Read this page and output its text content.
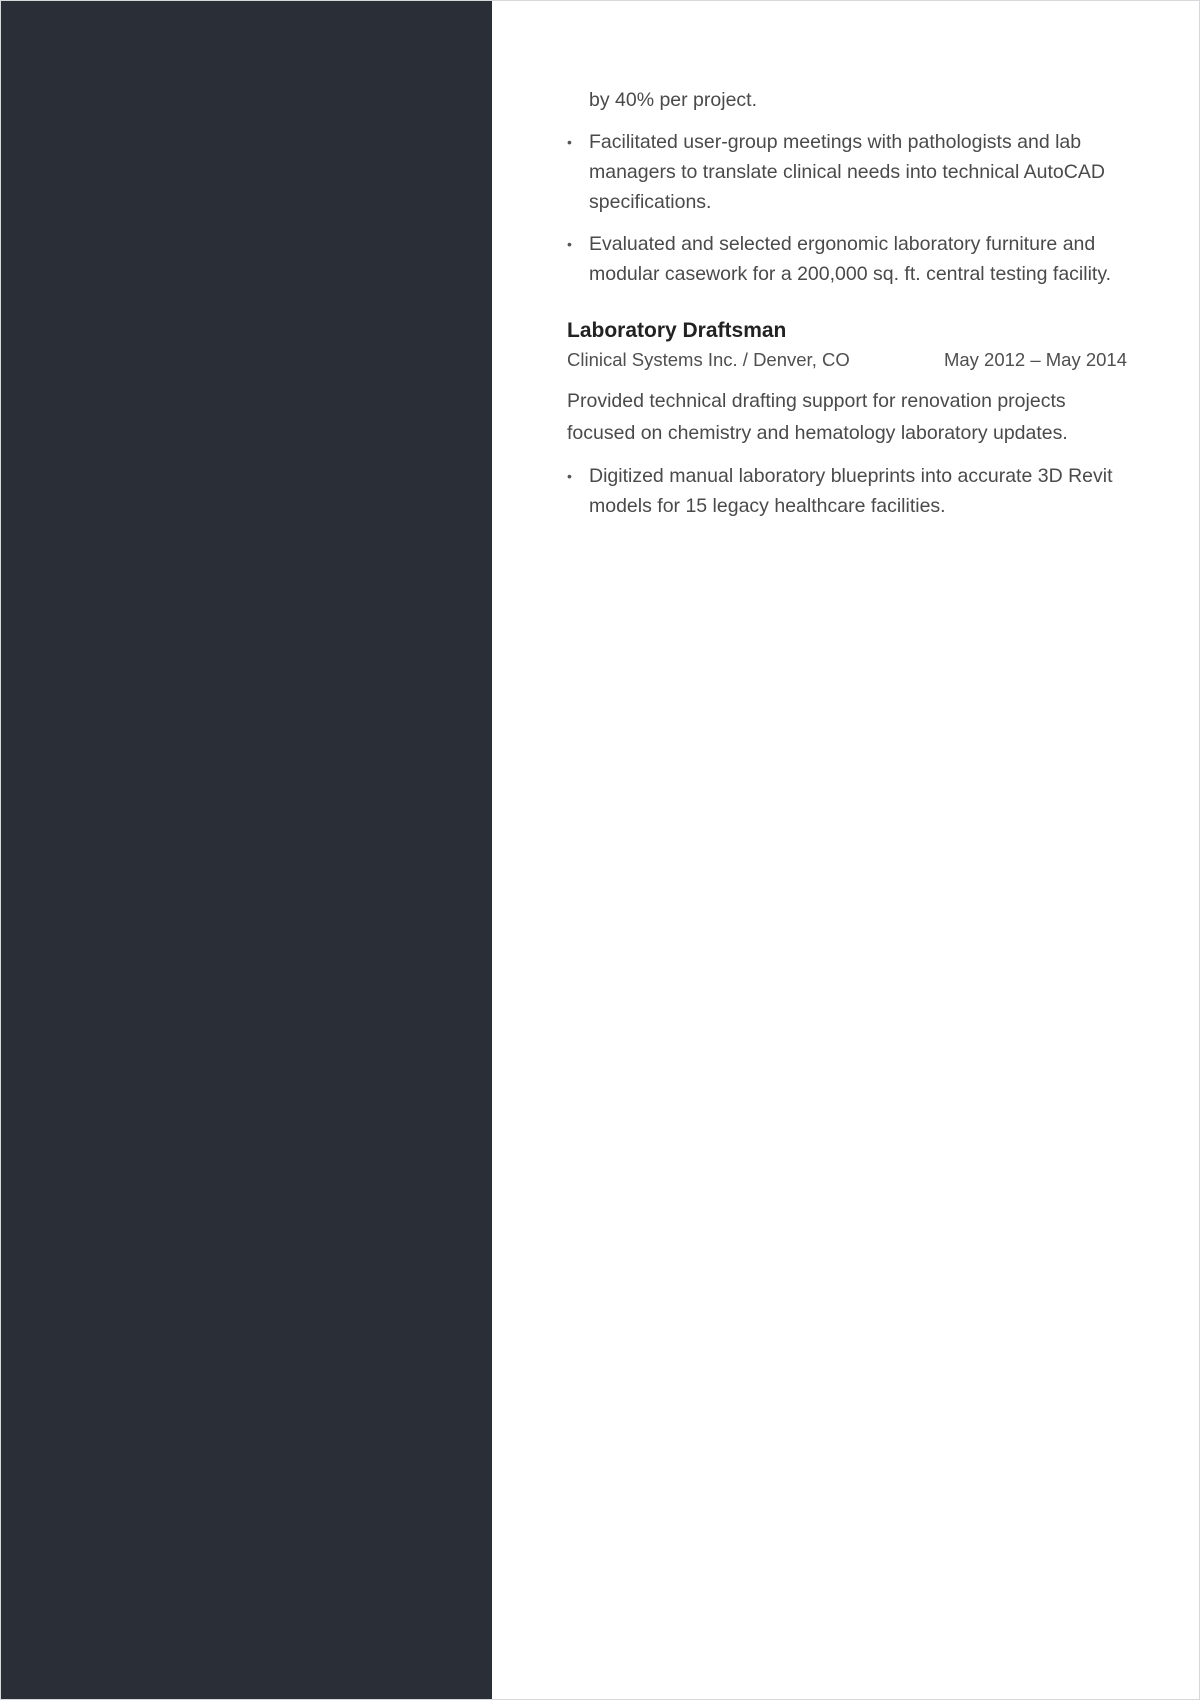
by 40% per project.
• Facilitated user-group meetings with pathologists and lab managers to translate clinical needs into technical AutoCAD specifications.
• Evaluated and selected ergonomic laboratory furniture and modular casework for a 200,000 sq. ft. central testing facility.
Laboratory Draftsman
Clinical Systems Inc. / Denver, CO	May 2012 – May 2014

Provided technical drafting support for renovation projects focused on chemistry and hematology laboratory updates.

• Digitized manual laboratory blueprints into accurate 3D Revit models for 15 legacy healthcare facilities.
